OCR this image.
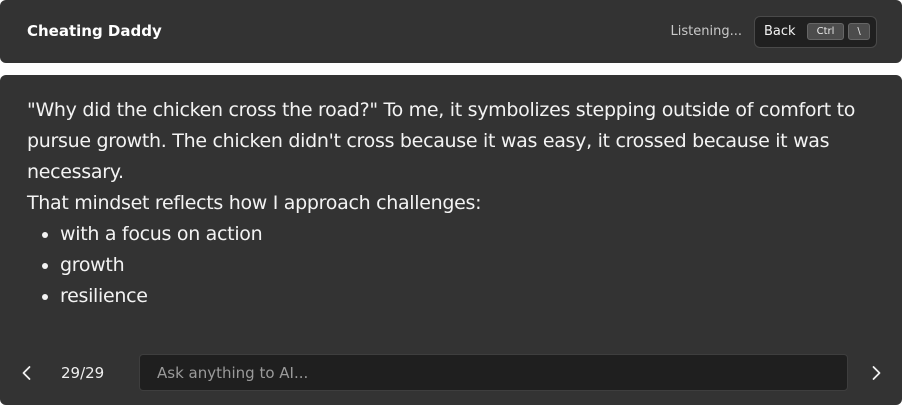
Cheating Daddy	Listening... Back	Ctrl	\

"Why did the chicken cross the road?" To me, it symbolizes stepping outside of comfort to pursue growth. The chicken didn't cross because it was easy, it crossed because it was necessary.

That mindset reflects how I approach challenges:

• with a focus on action
• growth
• resilience
29/29
Ask anything to AI...
